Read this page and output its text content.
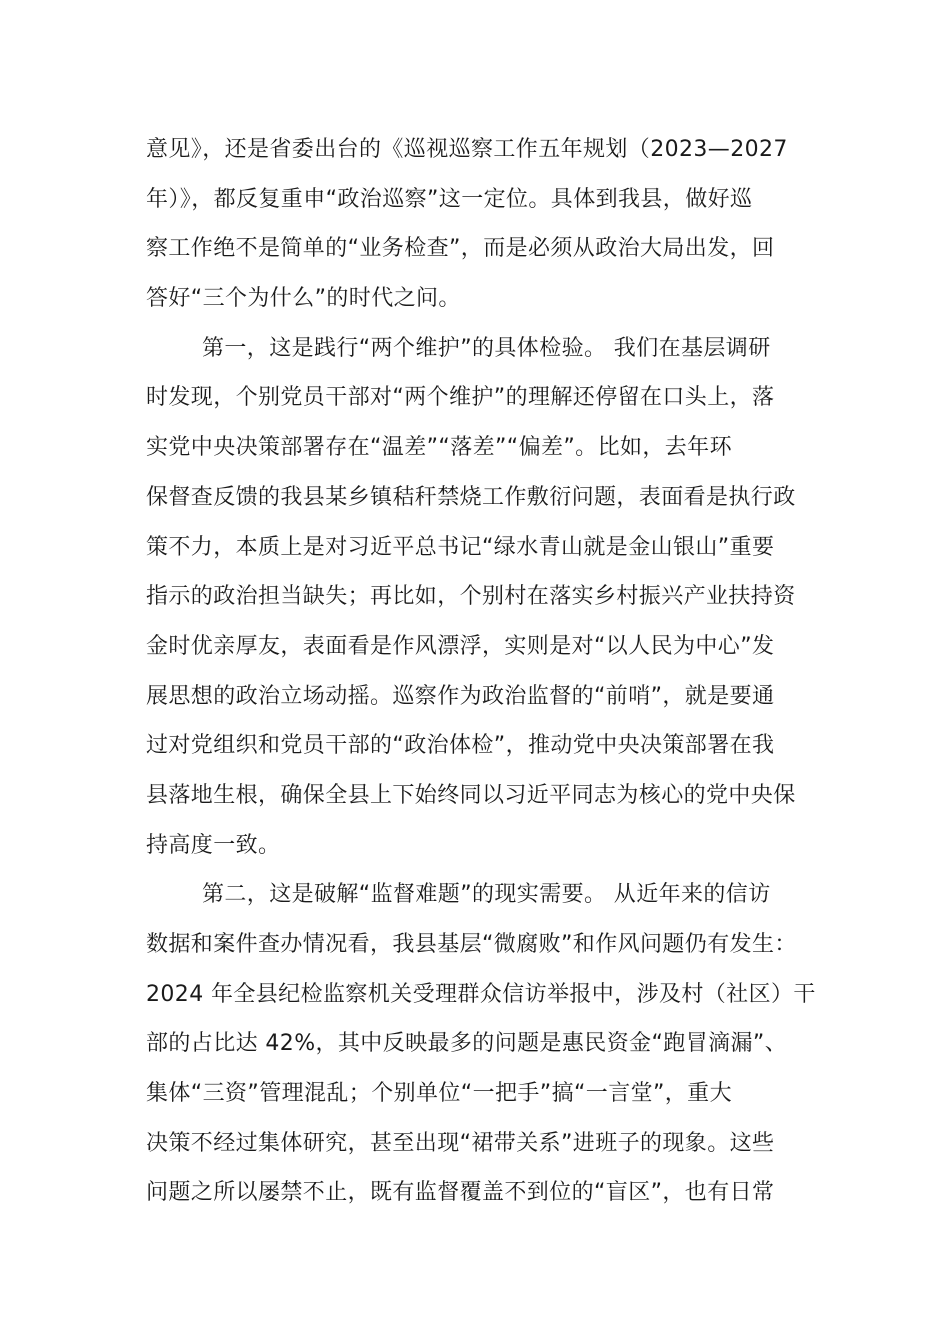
意见》，还是省委出台的《巡视巡察工作五年规划（2023—2027
年）》，都反复重申“政治巡察”这一定位。具体到我县，做好巡
察工作绝不是简单的“业务检查”，而是必须从政治大局出发，回
答好“三个为什么”的时代之问。
第一，这是践行“两个维护”的具体检验。 我们在基层调研
时发现，个别党员干部对“两个维护”的理解还停留在口头上，落
实党中央决策部署存在“温差”“落差”“偏差”。比如，去年环
保督查反馈的我县某乡镇秸秆禁烧工作敷衍问题，表面看是执行政
策不力，本质上是对习近平总书记“绿水青山就是金山银山”重要
指示的政治担当缺失；再比如，个别村在落实乡村振兴产业扶持资
金时优亲厚友，表面看是作风漂浮，实则是对“以人民为中心”发
展思想的政治立场动摇。巡察作为政治监督的“前哨”，就是要通
过对党组织和党员干部的“政治体检”，推动党中央决策部署在我
县落地生根，确保全县上下始终同以习近平同志为核心的党中央保
持高度一致。
第二，这是破解“监督难题”的现实需要。 从近年来的信访
数据和案件查办情况看，我县基层“微腐败”和作风问题仍有发生：
2024 年全县纪检监察机关受理群众信访举报中，涉及村（社区）干
部的占比达 42%，其中反映最多的问题是惠民资金“跑冒滴漏”、
集体“三资”管理混乱；个别单位“一把手”搞“一言堂”，重大
决策不经过集体研究，甚至出现“裙带关系”进班子的现象。这些
问题之所以屡禁不止，既有监督覆盖不到位的“盲区”，也有日常
